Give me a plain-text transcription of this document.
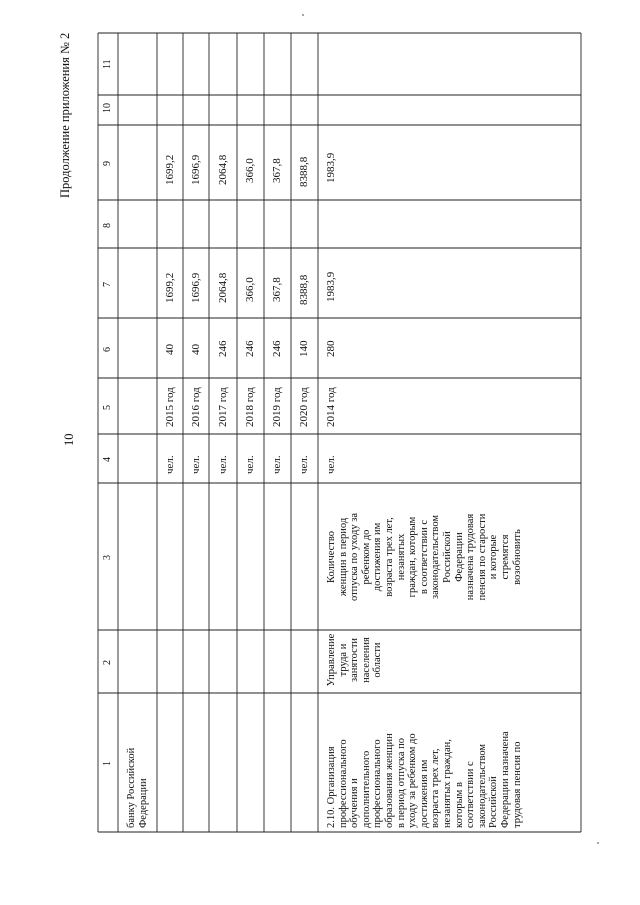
Продолжение приложения № 2
10
11
10
9
8
7
6
5
4
3
2
1 банку Российской Федерации
чел.
2015 год
40
1699,2
1699,2
чел.
2016 год
40
1696,9
1696,9
чел.
2017 год
246
2064,8
2064,8
чел.
2018 год
246
366,0
366,0
чел.
2019 год
246
367,8
367,8
чел.
2020 год
140
8388,8
8388,8
2.10. Организация профессионального обучения и дополнительного профессионального образования женщин в период отпуска по уходу за ребенком до достижения им возраста трех лет, незанятых граждан, которым в соответствии с законодательством Российской Федерации назначена трудовая пенсия по
Управление труда и занятости населения области
Количество женщин в период отпуска по уходу за ребенком до достижения им возраста трех лет, незанятых граждан, которым в соответствии с законодательством Российской Федерации назначена трудовая пенсия по старости и которые стремятся возобновить
чел.
2014 год
280
1983,9
1983,9
